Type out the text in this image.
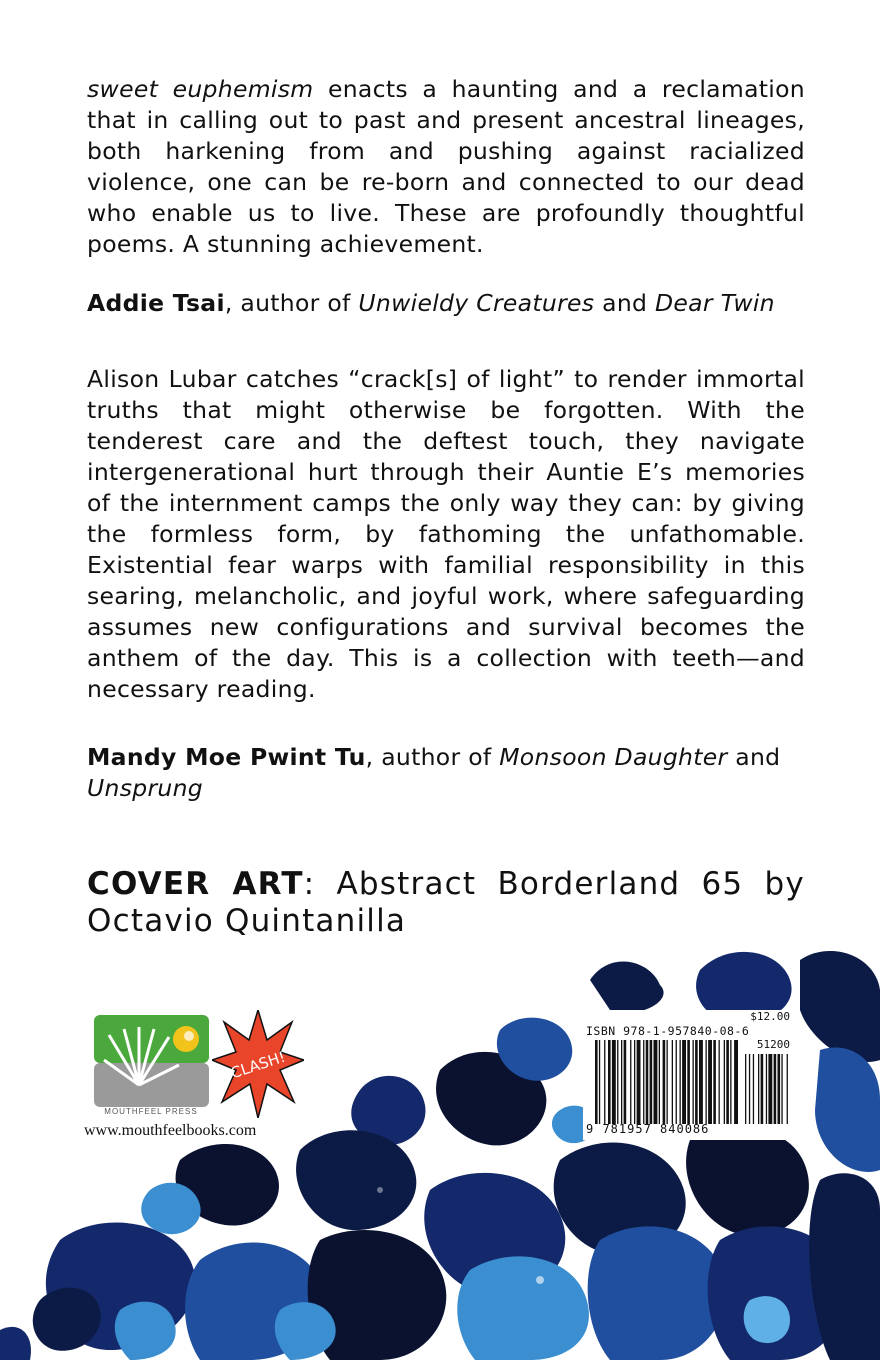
sweet euphemism enacts a haunting and a reclamation that in calling out to past and present ancestral lineages, both harkening from and pushing against racialized violence, one can be re-born and connected to our dead who enable us to live. These are profoundly thoughtful poems. A stunning achievement.

Addie Tsai, author of Unwieldy Creatures and Dear Twin

Alison Lubar catches “crack[s] of light” to render immortal truths that might otherwise be forgotten. With the tenderest care and the deftest touch, they navigate intergenerational hurt through their Auntie E’s memories of the internment camps the only way they can: by giving the formless form, by fathoming the unfathomable. Existential fear warps with familial responsibility in this searing, melancholic, and joyful work, where safeguarding assumes new configurations and survival becomes the anthem of the day. This is a collection with teeth—and necessary reading.

Mandy Moe Pwint Tu, author of Monsoon Daughter and Unsprung

COVER ART: Abstract Borderland 65 by Octavio Quintanilla
MOUTHFEEL PRESS
CLASH!
www.mouthfeelbooks.com
$12.00
ISBN 978-1-957840-08-6
51200
9 781957 840086
